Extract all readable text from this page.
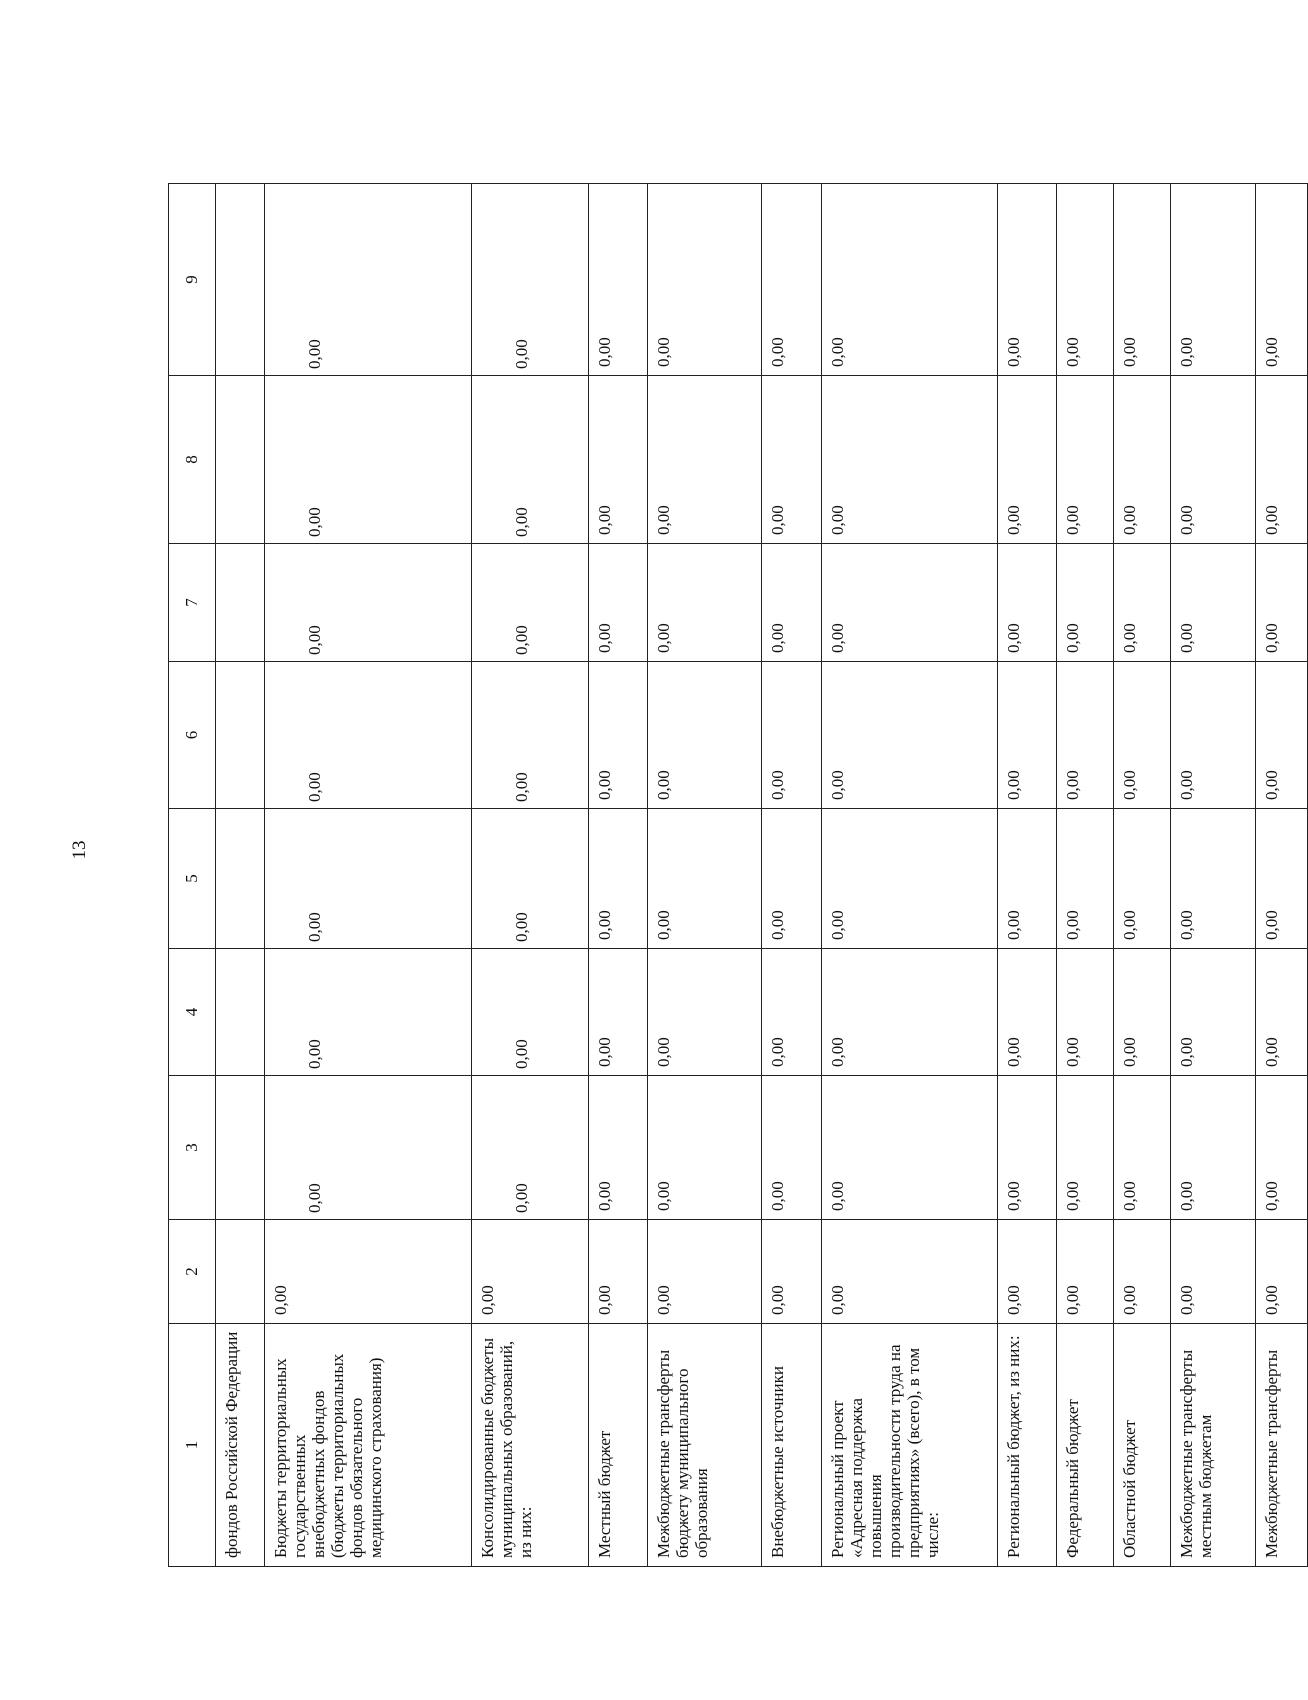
13
1	2	3	4	5	6	7	8	9
фондов Российской Федерации								
Бюджеты территориальных государственных внебюджетных фондов (бюджеты территориальных фондов обязательного медицинского страхования)	0,00	0,00	0,00	0,00	0,00	0,00	0,00	0,00
Консолидированные бюджеты муниципальных образований, из них:	0,00	0,00	0,00	0,00	0,00	0,00	0,00	0,00
Местный бюджет	0,00	0,00	0,00	0,00	0,00	0,00	0,00	0,00
Межбюджетные трансферты бюджету муниципального образования	0,00	0,00	0,00	0,00	0,00	0,00	0,00	0,00
Внебюджетные источники	0,00	0,00	0,00	0,00	0,00	0,00	0,00	0,00
Региональный проект «Адресная поддержка повышения производительности труда на предприятиях» (всего), в том числе:	0,00	0,00	0,00	0,00	0,00	0,00	0,00	0,00
Региональный бюджет, из них:	0,00	0,00	0,00	0,00	0,00	0,00	0,00	0,00
Федеральный бюджет	0,00	0,00	0,00	0,00	0,00	0,00	0,00	0,00
Областной бюджет	0,00	0,00	0,00	0,00	0,00	0,00	0,00	0,00
Межбюджетные трансферты местным бюджетам	0,00	0,00	0,00	0,00	0,00	0,00	0,00	0,00
Межбюджетные трансферты	0,00	0,00	0,00	0,00	0,00	0,00	0,00	0,00
